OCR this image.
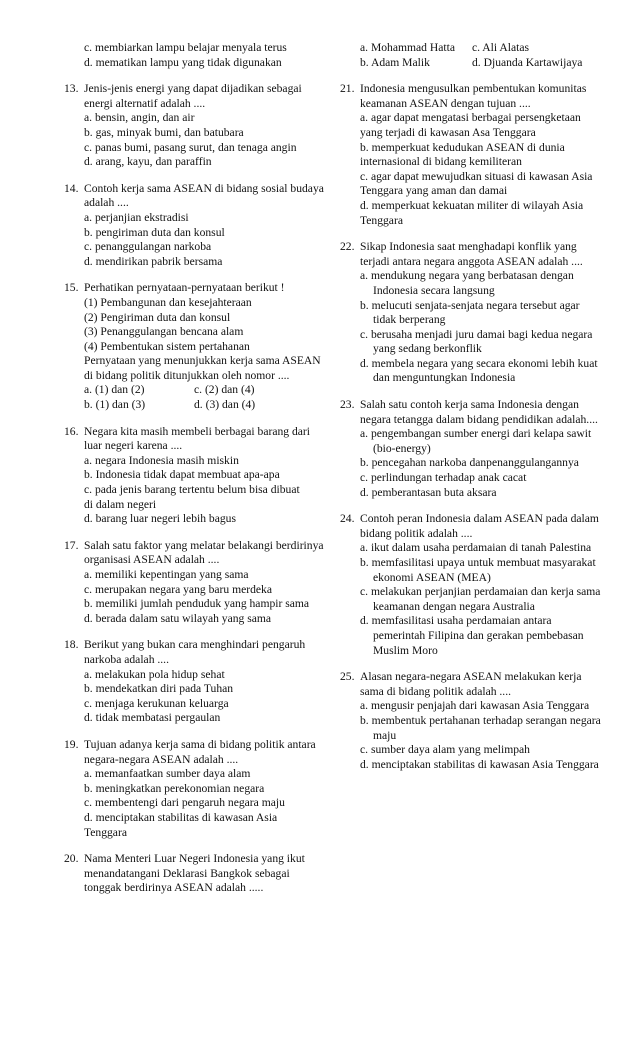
c. membiarkan lampu belajar menyala terus
d. mematikan lampu yang tidak digunakan
13. Jenis-jenis energi yang dapat dijadikan sebagai energi alternatif adalah ....
a. bensin, angin, dan air
b. gas, minyak bumi, dan batubara
c. panas bumi, pasang surut, dan tenaga angin
d. arang, kayu, dan paraffin
14. Contoh kerja sama ASEAN di bidang sosial budaya adalah ....
a. perjanjian ekstradisi
b. pengiriman duta dan konsul
c. penanggulangan narkoba
d. mendirikan pabrik bersama
15. Perhatikan pernyataan-pernyataan berikut !
(1) Pembangunan dan kesejahteraan
(2) Pengiriman duta dan konsul
(3) Penanggulangan bencana alam
(4) Pembentukan sistem pertahanan
Pernyataan yang menunjukkan kerja sama ASEAN di bidang politik ditunjukkan oleh nomor ....
a. (1) dan (2)	c. (2) dan (4)
b. (1) dan (3)	d. (3) dan (4)
16. Negara kita masih membeli berbagai barang dari luar negeri karena ....
a. negara Indonesia masih miskin
b. Indonesia tidak dapat membuat apa-apa
c. pada jenis barang tertentu belum bisa dibuat
di dalam negeri
d. barang luar negeri lebih bagus
17. Salah satu faktor yang melatar belakangi berdirinya organisasi ASEAN adalah ....
a. memiliki kepentingan yang sama
c. merupakan negara yang baru merdeka
b. memiliki jumlah penduduk yang hampir sama
d. berada dalam satu wilayah yang sama
18. Berikut yang bukan cara menghindari pengaruh narkoba adalah ....
a. melakukan pola hidup sehat
b. mendekatkan diri pada Tuhan
c. menjaga kerukunan keluarga
d. tidak membatasi pergaulan
19. Tujuan adanya kerja sama di bidang politik antara negara-negara ASEAN adalah ....
a. memanfaatkan sumber daya alam
b. meningkatkan perekonomian negara
c. membentengi dari pengaruh negara maju
d. menciptakan stabilitas di kawasan Asia
Tenggara
20. Nama Menteri Luar Negeri Indonesia yang ikut menandatangani Deklarasi Bangkok sebagai tonggak berdirinya ASEAN adalah .....
a. Mohammad Hatta	c. Ali Alatas
b. Adam Malik	d. Djuanda Kartawijaya
21. Indonesia mengusulkan pembentukan komunitas keamanan ASEAN dengan tujuan ....
a. agar dapat mengatasi berbagai persengketaan yang terjadi di kawasan Asa Tenggara
b. memperkuat kedudukan ASEAN di dunia internasional di bidang kemiliteran
c. agar dapat mewujudkan situasi di kawasan Asia Tenggara yang aman dan damai
d. memperkuat kekuatan militer di wilayah Asia Tenggara
22. Sikap Indonesia saat menghadapi konflik yang terjadi antara negara anggota ASEAN adalah ....
a. mendukung negara yang berbatasan dengan Indonesia secara langsung
b. melucuti senjata-senjata negara tersebut agar tidak berperang
c. berusaha menjadi juru damai bagi kedua negara yang sedang berkonflik
d. membela negara yang secara ekonomi lebih kuat dan menguntungkan Indonesia
23. Salah satu contoh kerja sama Indonesia dengan negara tetangga dalam bidang pendidikan adalah....
a. pengembangan sumber energi dari kelapa sawit (bio-energy)
b. pencegahan narkoba danpenanggulangannya
c. perlindungan terhadap anak cacat
d. pemberantasan buta aksara
24. Contoh peran Indonesia dalam ASEAN pada dalam bidang politik adalah ....
a. ikut dalam usaha perdamaian di tanah Palestina
b. memfasilitasi upaya untuk membuat masyarakat ekonomi ASEAN (MEA)
c. melakukan perjanjian perdamaian dan kerja sama keamanan dengan negara Australia
d. memfasilitasi usaha perdamaian antara pemerintah Filipina dan gerakan pembebasan Muslim Moro
25. Alasan negara-negara ASEAN melakukan kerja sama di bidang politik adalah ....
a. mengusir penjajah dari kawasan Asia Tenggara
b. membentuk pertahanan terhadap serangan negara maju
c. sumber daya alam yang melimpah
d. menciptakan stabilitas di kawasan Asia Tenggara
